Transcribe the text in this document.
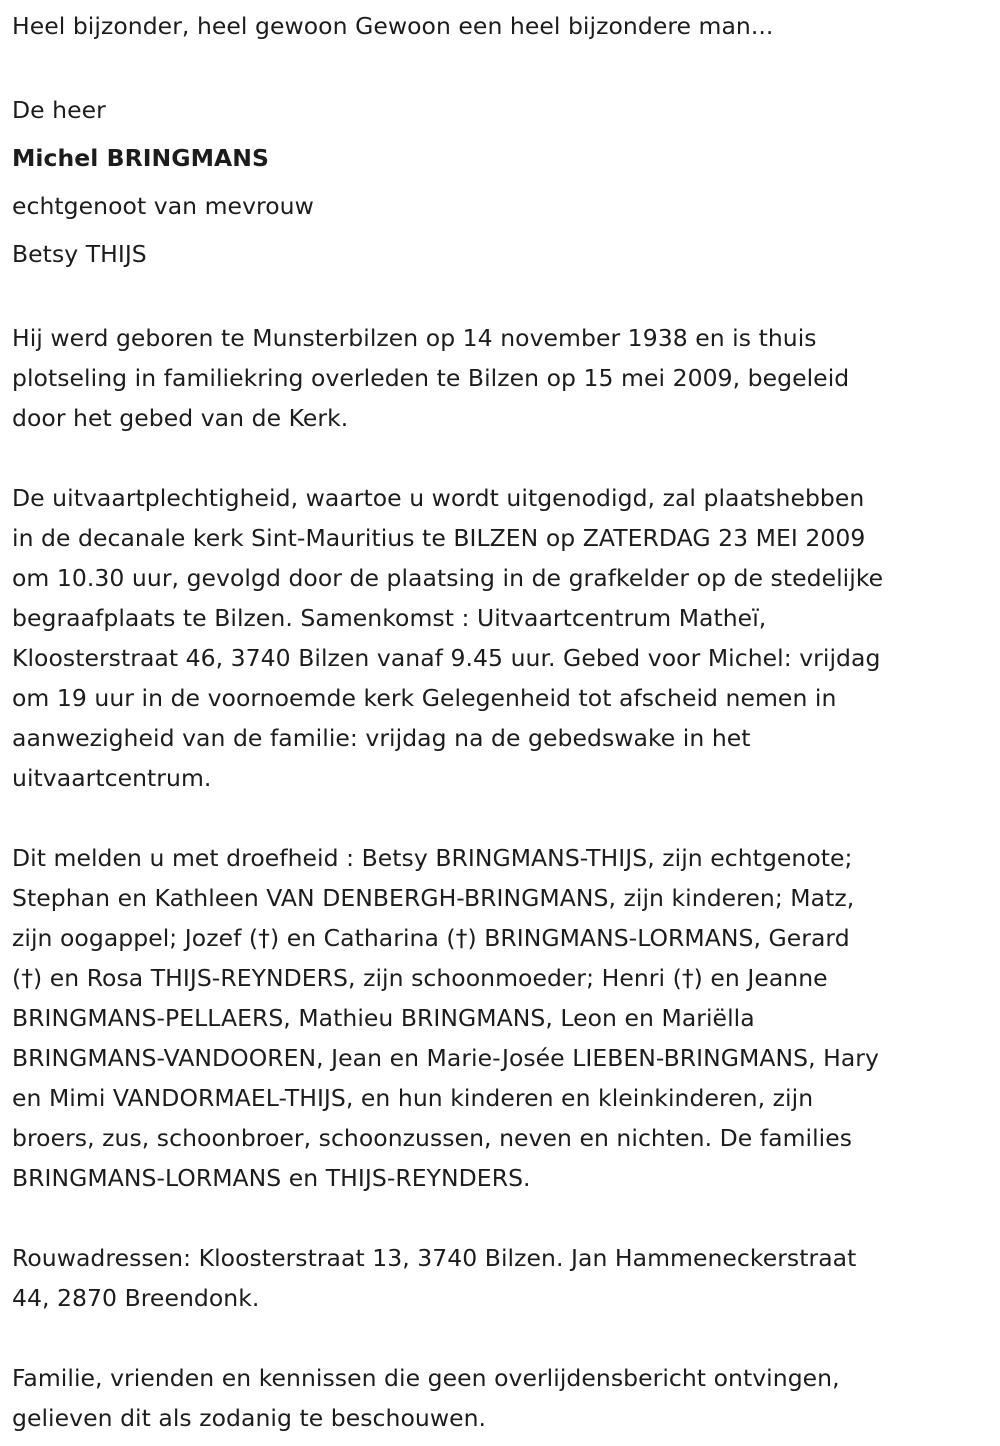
Heel bijzonder, heel gewoon Gewoon een heel bijzondere man...

De heer

Michel BRINGMANS

echtgenoot van mevrouw

Betsy THIJS

Hij werd geboren te Munsterbilzen op 14 november 1938 en is thuis

plotseling in familiekring overleden te Bilzen op 15 mei 2009, begeleid

door het gebed van de Kerk.

De uitvaartplechtigheid, waartoe u wordt uitgenodigd, zal plaatshebben

in de decanale kerk Sint-Mauritius te BILZEN op ZATERDAG 23 MEI 2009

om 10.30 uur, gevolgd door de plaatsing in de grafkelder op de stedelijke

begraafplaats te Bilzen. Samenkomst : Uitvaartcentrum Matheï,

Kloosterstraat 46, 3740 Bilzen vanaf 9.45 uur. Gebed voor Michel: vrijdag

om 19 uur in de voornoemde kerk Gelegenheid tot afscheid nemen in

aanwezigheid van de familie: vrijdag na de gebedswake in het

uitvaartcentrum.

Dit melden u met droefheid : Betsy BRINGMANS-THIJS, zijn echtgenote;

Stephan en Kathleen VAN DENBERGH-BRINGMANS, zijn kinderen; Matz,

zijn oogappel; Jozef (†) en Catharina (†) BRINGMANS-LORMANS, Gerard

(†) en Rosa THIJS-REYNDERS, zijn schoonmoeder; Henri (†) en Jeanne

BRINGMANS-PELLAERS, Mathieu BRINGMANS, Leon en Mariëlla

BRINGMANS-VANDOOREN, Jean en Marie-Josée LIEBEN-BRINGMANS, Hary

en Mimi VANDORMAEL-THIJS, en hun kinderen en kleinkinderen, zijn

broers, zus, schoonbroer, schoonzussen, neven en nichten. De families

BRINGMANS-LORMANS en THIJS-REYNDERS.

Rouwadressen: Kloosterstraat 13, 3740 Bilzen. Jan Hammeneckerstraat

44, 2870 Breendonk.

Familie, vrienden en kennissen die geen overlijdensbericht ontvingen,

gelieven dit als zodanig te beschouwen.
